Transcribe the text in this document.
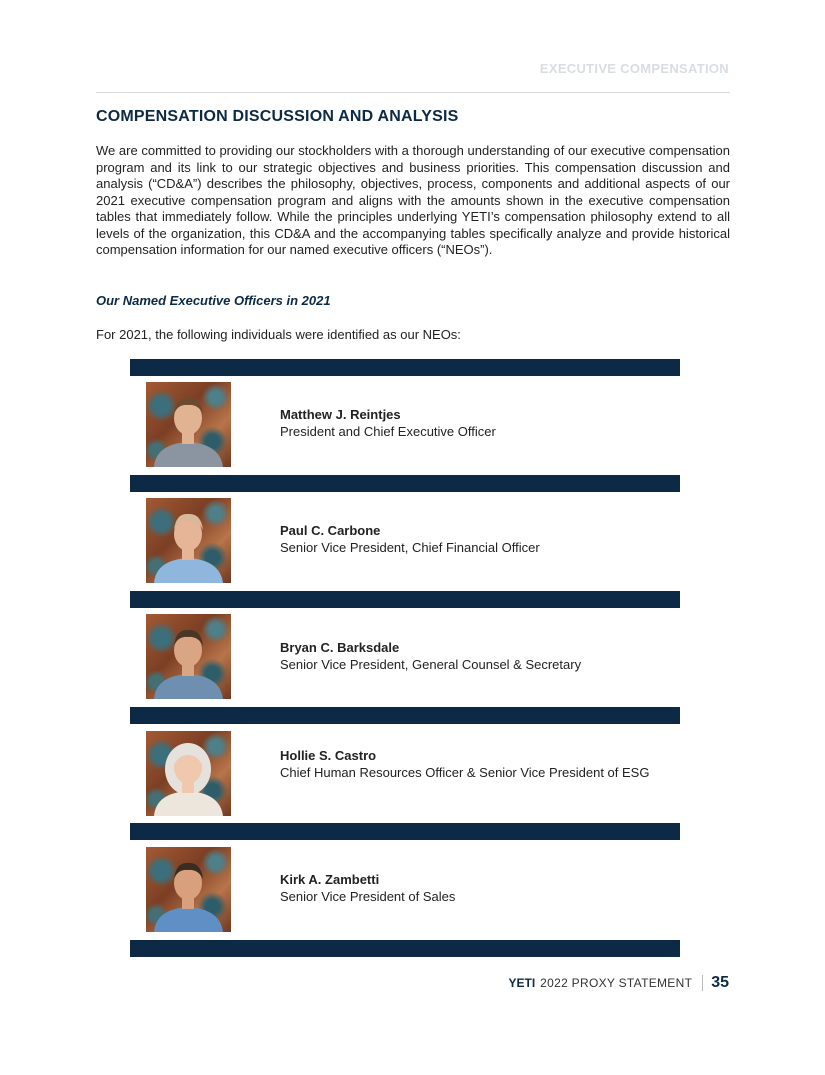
EXECUTIVE COMPENSATION
COMPENSATION DISCUSSION AND ANALYSIS
We are committed to providing our stockholders with a thorough understanding of our executive compensation program and its link to our strategic objectives and business priorities. This compensation discussion and analysis (“CD&A”) describes the philosophy, objectives, process, components and additional aspects of our 2021 executive compensation program and aligns with the amounts shown in the executive compensation tables that immediately follow. While the principles underlying YETI’s compensation philosophy extend to all levels of the organization, this CD&A and the accompanying tables specifically analyze and provide historical compensation information for our named executive officers (“NEOs”).
Our Named Executive Officers in 2021
For 2021, the following individuals were identified as our NEOs:
Matthew J. Reintjes
President and Chief Executive Officer
Paul C. Carbone
Senior Vice President, Chief Financial Officer
Bryan C. Barksdale
Senior Vice President, General Counsel & Secretary
Hollie S. Castro
Chief Human Resources Officer & Senior Vice President of ESG
Kirk A. Zambetti
Senior Vice President of Sales
YETI 2022 PROXY STATEMENT 35
